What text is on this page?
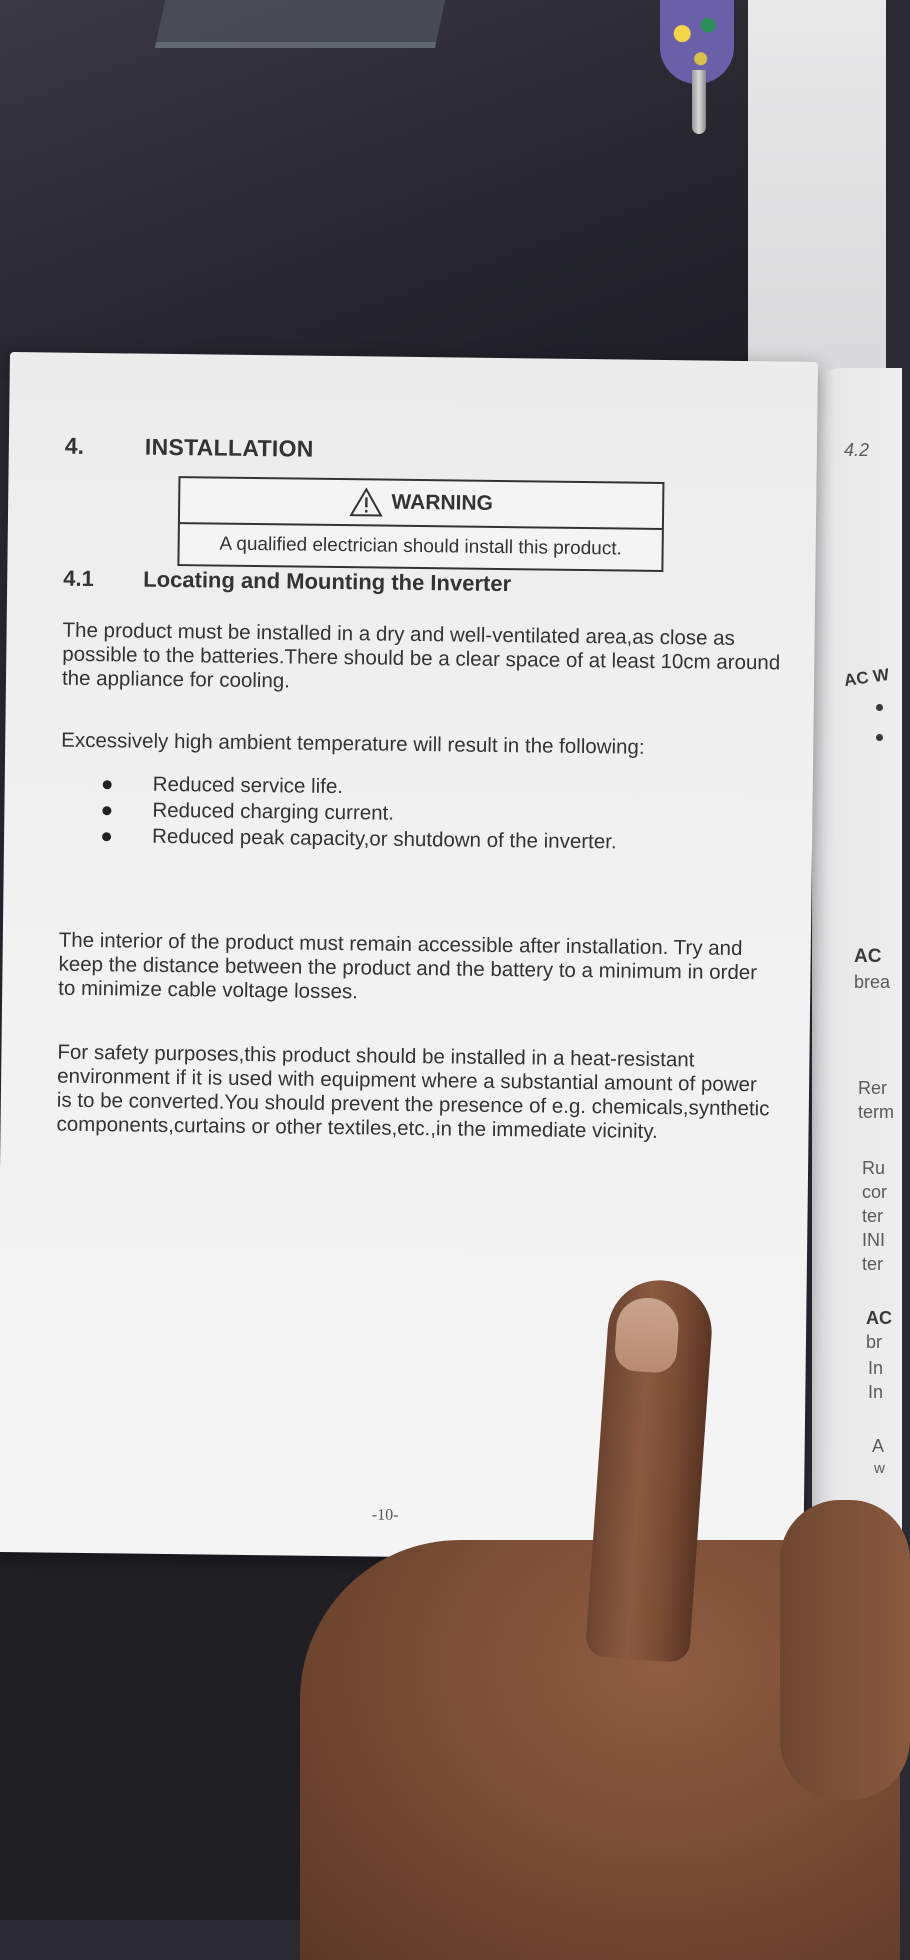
4.2
AC W
AC
brea
Rer
term
Ru
cor
ter
INI
ter
AC
br
In
In
A
w
4.	INSTALLATION
WARNING
A qualified electrician should install this product.
4.1 Locating and Mounting the Inverter

The product must be installed in a dry and well-ventilated area,as close as possible to the batteries.There should be a clear space of at least 10cm around the appliance for cooling.

Excessively high ambient temperature will result in the following:

Reduced service life.
Reduced charging current.
Reduced peak capacity,or shutdown of the inverter.

The interior of the product must remain accessible after installation. Try and keep the distance between the product and the battery to a minimum in order to minimize cable voltage losses.

For safety purposes,this product should be installed in a heat-resistant environment if it is used with equipment where a substantial amount of power is to be converted.You should prevent the presence of e.g. chemicals,synthetic components,curtains or other textiles,etc.,in the immediate vicinity.

-10-
